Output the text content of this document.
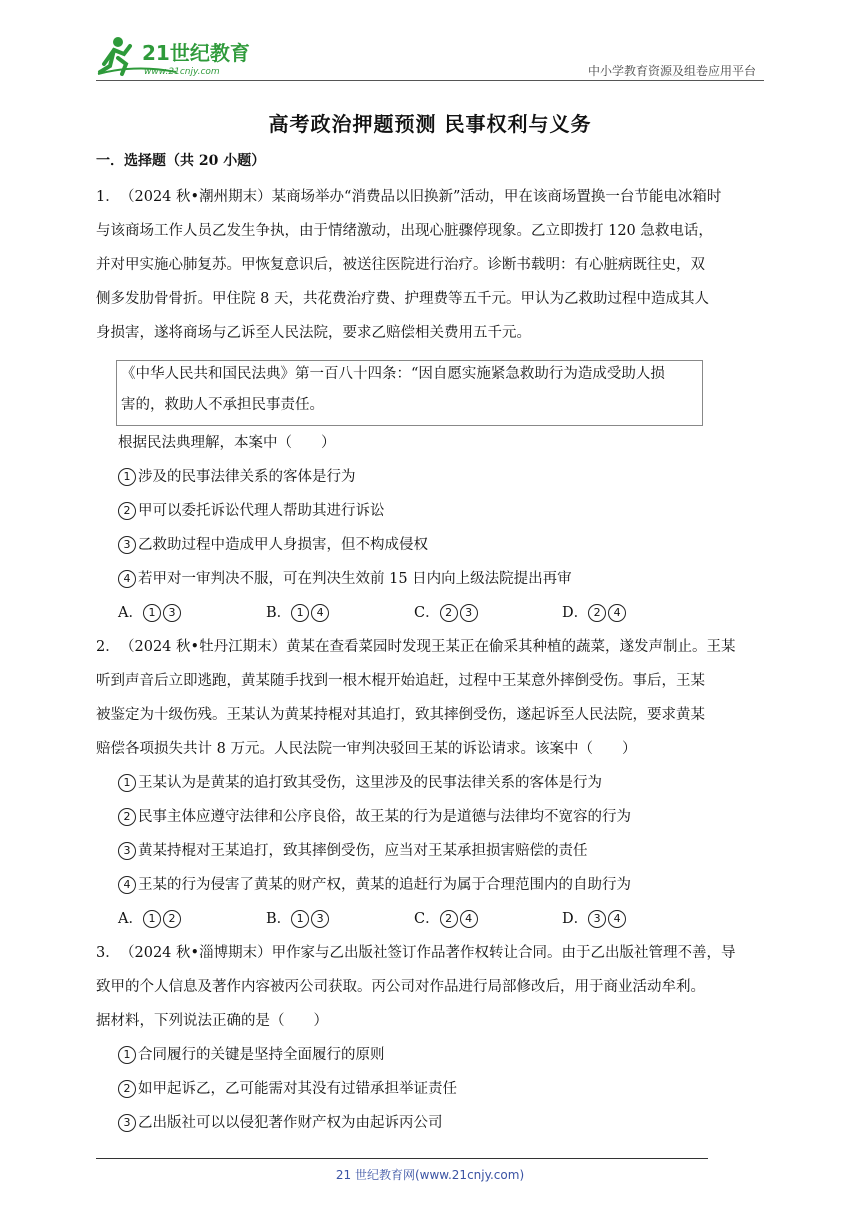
21世纪教育
www.21cnjy.com	中小学教育资源及组卷应用平台
高考政治押题预测 民事权利与义务
一．选择题（共 20 小题）
1．（2024 秋•潮州期末）某商场举办“消费品以旧换新”活动，甲在该商场置换一台节能电冰箱时
与该商场工作人员乙发生争执，由于情绪激动，出现心脏骤停现象。乙立即拨打 120 急救电话，
并对甲实施心肺复苏。甲恢复意识后，被送往医院进行治疗。诊断书载明：有心脏病既往史，双
侧多发肋骨骨折。甲住院 8 天，共花费治疗费、护理费等五千元。甲认为乙救助过程中造成其人
身损害，遂将商场与乙诉至人民法院，要求乙赔偿相关费用五千元。
《中华人民共和国民法典》第一百八十四条：“因自愿实施紧急救助行为造成受助人损
害的，救助人不承担民事责任。
根据民法典理解，本案中（　　）
1 涉及的民事法律关系的客体是行为
2 甲可以委托诉讼代理人帮助其进行诉讼
3 乙救助过程中造成甲人身损害，但不构成侵权
4 若甲对一审判决不服，可在判决生效前 15 日内向上级法院提出再审
A． 1 3	B． 1 4	C． 2 3	D． 2 4
2．（2024 秋•牡丹江期末）黄某在查看菜园时发现王某正在偷采其种植的蔬菜，遂发声制止。王某
听到声音后立即逃跑，黄某随手找到一根木棍开始追赶，过程中王某意外摔倒受伤。事后，王某
被鉴定为十级伤残。王某认为黄某持棍对其追打，致其摔倒受伤，遂起诉至人民法院，要求黄某
赔偿各项损失共计 8 万元。人民法院一审判决驳回王某的诉讼请求。该案中（　　）
1 王某认为是黄某的追打致其受伤，这里涉及的民事法律关系的客体是行为
2 民事主体应遵守法律和公序良俗，故王某的行为是道德与法律均不宽容的行为
3 黄某持棍对王某追打，致其摔倒受伤，应当对王某承担损害赔偿的责任
4 王某的行为侵害了黄某的财产权，黄某的追赶行为属于合理范围内的自助行为
A． 1 2	B． 1 3	C． 2 4	D． 3 4
3．（2024 秋•淄博期末）甲作家与乙出版社签订作品著作权转让合同。由于乙出版社管理不善，导
致甲的个人信息及著作内容被丙公司获取。丙公司对作品进行局部修改后，用于商业活动牟利。
据材料，下列说法正确的是（　　）
1 合同履行的关键是坚持全面履行的原则
2 如甲起诉乙，乙可能需对其没有过错承担举证责任
3 乙出版社可以以侵犯著作财产权为由起诉丙公司
21 世纪教育网(www.21cnjy.com)
